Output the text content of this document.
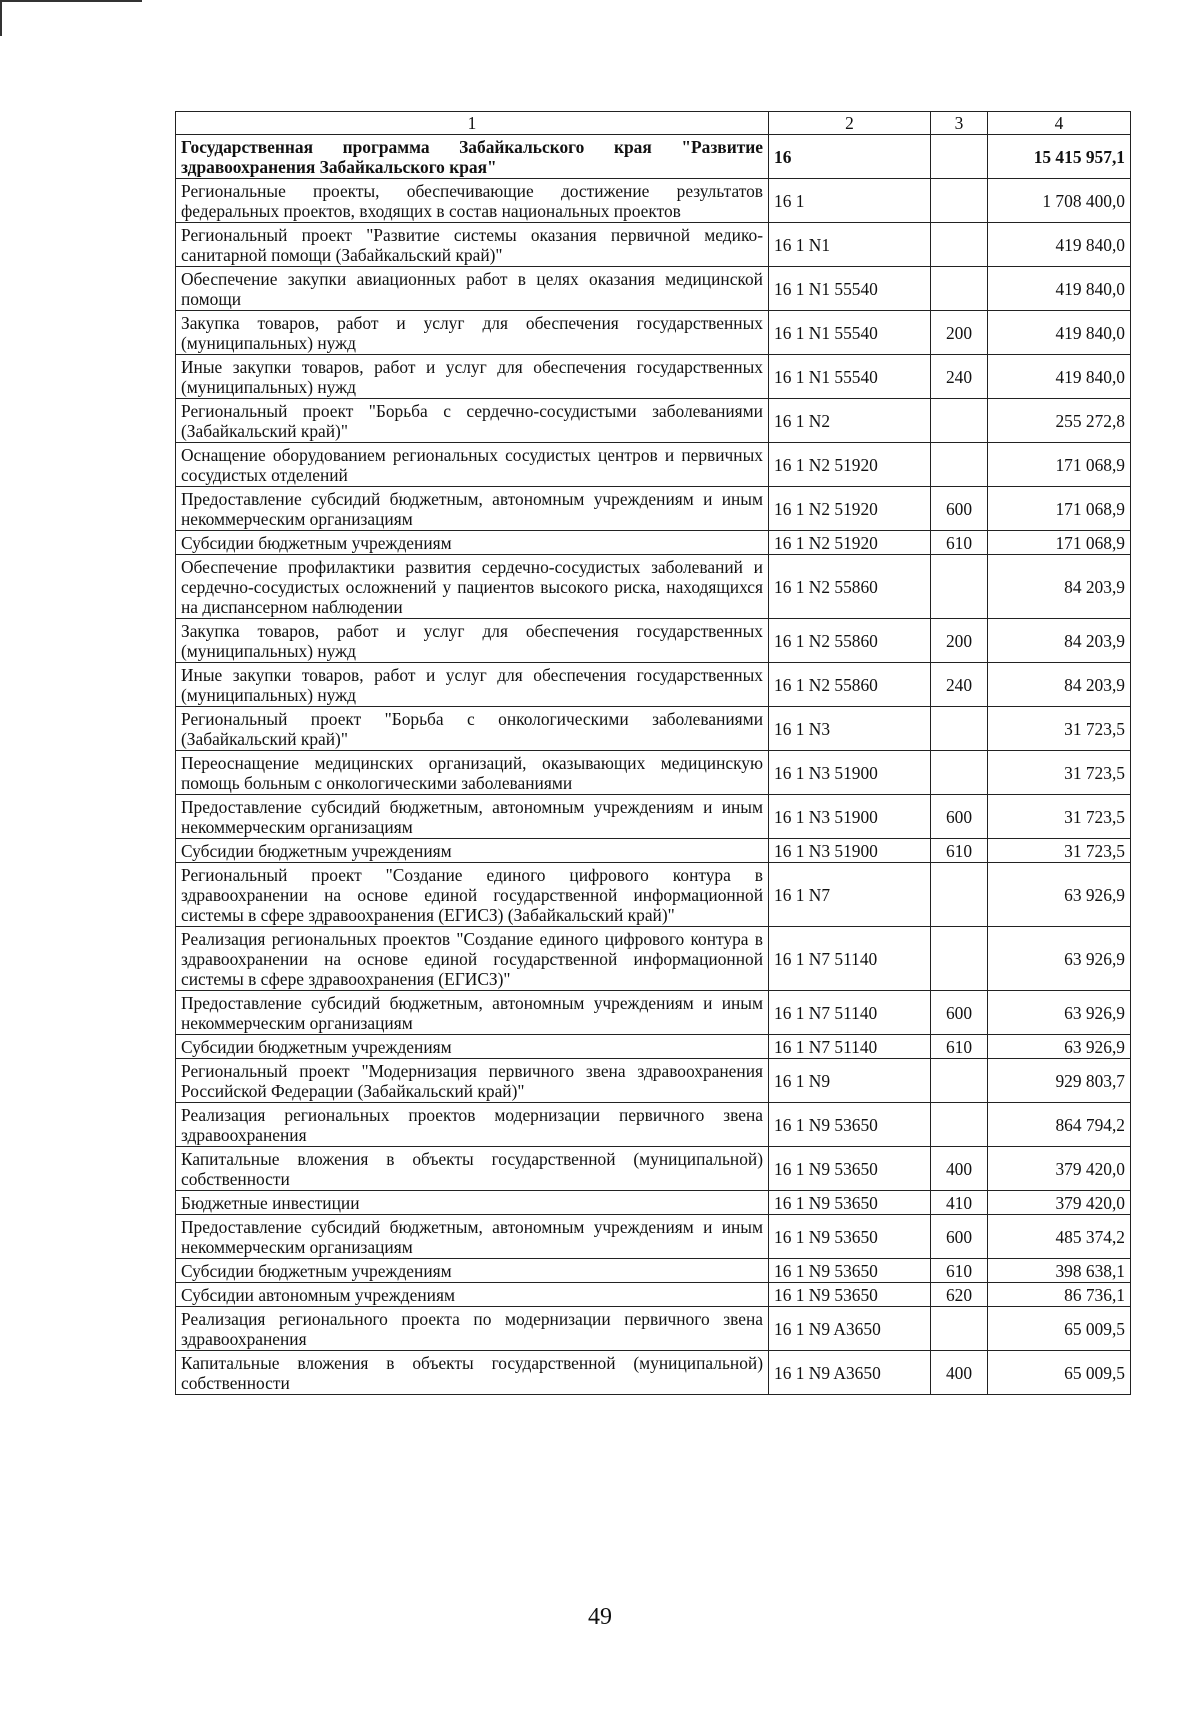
1	2	3	4
Государственная программа Забайкальского края "Развитие здравоохранения Забайкальского края"	16		15 415 957,1
Региональные проекты, обеспечивающие достижение результатов федеральных проектов, входящих в состав национальных проектов	16 1		1 708 400,0
Региональный проект "Развитие системы оказания первичной медико-санитарной помощи (Забайкальский край)"	16 1 N1		419 840,0
Обеспечение закупки авиационных работ в целях оказания медицинской помощи	16 1 N1 55540		419 840,0
Закупка товаров, работ и услуг для обеспечения государственных (муниципальных) нужд	16 1 N1 55540	200	419 840,0
Иные закупки товаров, работ и услуг для обеспечения государственных (муниципальных) нужд	16 1 N1 55540	240	419 840,0
Региональный проект "Борьба с сердечно-сосудистыми заболеваниями (Забайкальский край)"	16 1 N2		255 272,8
Оснащение оборудованием региональных сосудистых центров и первичных сосудистых отделений	16 1 N2 51920		171 068,9
Предоставление субсидий бюджетным, автономным учреждениям и иным некоммерческим организациям	16 1 N2 51920	600	171 068,9
Субсидии бюджетным учреждениям	16 1 N2 51920	610	171 068,9
Обеспечение профилактики развития сердечно-сосудистых заболеваний и сердечно-сосудистых осложнений у пациентов высокого риска, находящихся на диспансерном наблюдении	16 1 N2 55860		84 203,9
Закупка товаров, работ и услуг для обеспечения государственных (муниципальных) нужд	16 1 N2 55860	200	84 203,9
Иные закупки товаров, работ и услуг для обеспечения государственных (муниципальных) нужд	16 1 N2 55860	240	84 203,9
Региональный проект "Борьба с онкологическими заболеваниями (Забайкальский край)"	16 1 N3		31 723,5
Переоснащение медицинских организаций, оказывающих медицинскую помощь больным с онкологическими заболеваниями	16 1 N3 51900		31 723,5
Предоставление субсидий бюджетным, автономным учреждениям и иным некоммерческим организациям	16 1 N3 51900	600	31 723,5
Субсидии бюджетным учреждениям	16 1 N3 51900	610	31 723,5
Региональный проект "Создание единого цифрового контура в здравоохранении на основе единой государственной информационной системы в сфере здравоохранения (ЕГИСЗ) (Забайкальский край)"	16 1 N7		63 926,9
Реализация региональных проектов "Создание единого цифрового контура в здравоохранении на основе единой государственной информационной системы в сфере здравоохранения (ЕГИСЗ)"	16 1 N7 51140		63 926,9
Предоставление субсидий бюджетным, автономным учреждениям и иным некоммерческим организациям	16 1 N7 51140	600	63 926,9
Субсидии бюджетным учреждениям	16 1 N7 51140	610	63 926,9
Региональный проект "Модернизация первичного звена здравоохранения Российской Федерации (Забайкальский край)"	16 1 N9		929 803,7
Реализация региональных проектов модернизации первичного звена здравоохранения	16 1 N9 53650		864 794,2
Капитальные вложения в объекты государственной (муниципальной) собственности	16 1 N9 53650	400	379 420,0
Бюджетные инвестиции	16 1 N9 53650	410	379 420,0
Предоставление субсидий бюджетным, автономным учреждениям и иным некоммерческим организациям	16 1 N9 53650	600	485 374,2
Субсидии бюджетным учреждениям	16 1 N9 53650	610	398 638,1
Субсидии автономным учреждениям	16 1 N9 53650	620	86 736,1
Реализация регионального проекта по модернизации первичного звена здравоохранения	16 1 N9 A3650		65 009,5
Капитальные вложения в объекты государственной (муниципальной) собственности	16 1 N9 A3650	400	65 009,5
49
